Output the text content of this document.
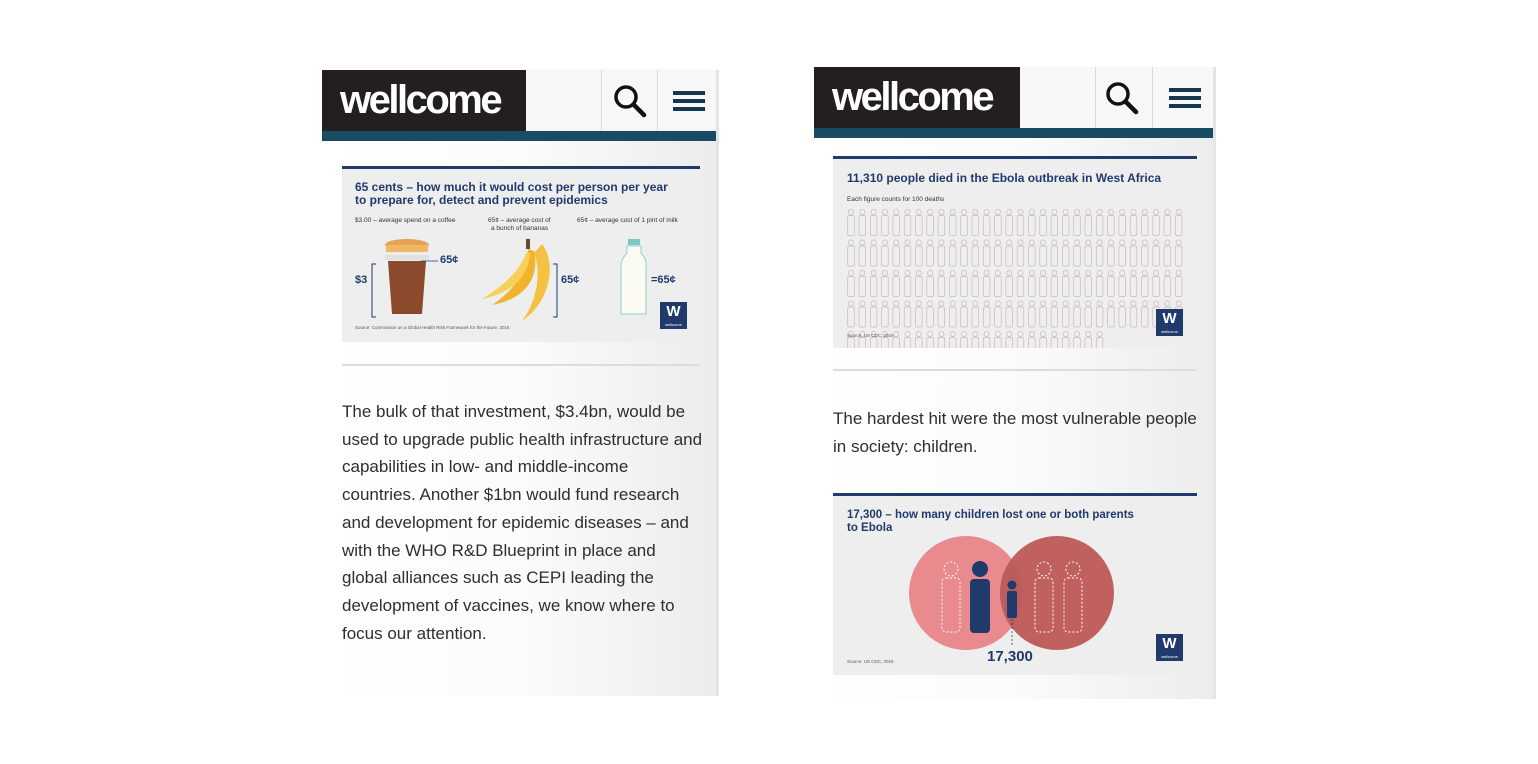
wellcome
65 cents – how much it would cost per person per year
to prepare for, detect and prevent epidemics
$3.00 – average spend on a coffee	65¢ – average cost of
a bunch of bananas
65¢ – average cost of 1 pint of milk
$3
65¢
65¢	=65¢
Source: Commission on a Global Health Risk Framework for the Future, 2016
W
wellcome

The bulk of that investment, $3.4bn, would be used to upgrade public health infrastructure and capabilities in low- and middle-income countries. Another $1bn would fund research and development for epidemic diseases – and with the WHO R&D Blueprint in place and global alliances such as CEPI leading the development of vaccines, we know where to focus our attention.

wellcome
11,310 people died in the Ebola outbreak in West Africa
Each figure counts for 100 deaths
Source: US CDC, 2016
W
wellcome

The hardest hit were the most vulnerable people in society: children.

17,300 – how many children lost one or both parents
to Ebola
17,300
Source: US CDC, 2016
W
wellcome
